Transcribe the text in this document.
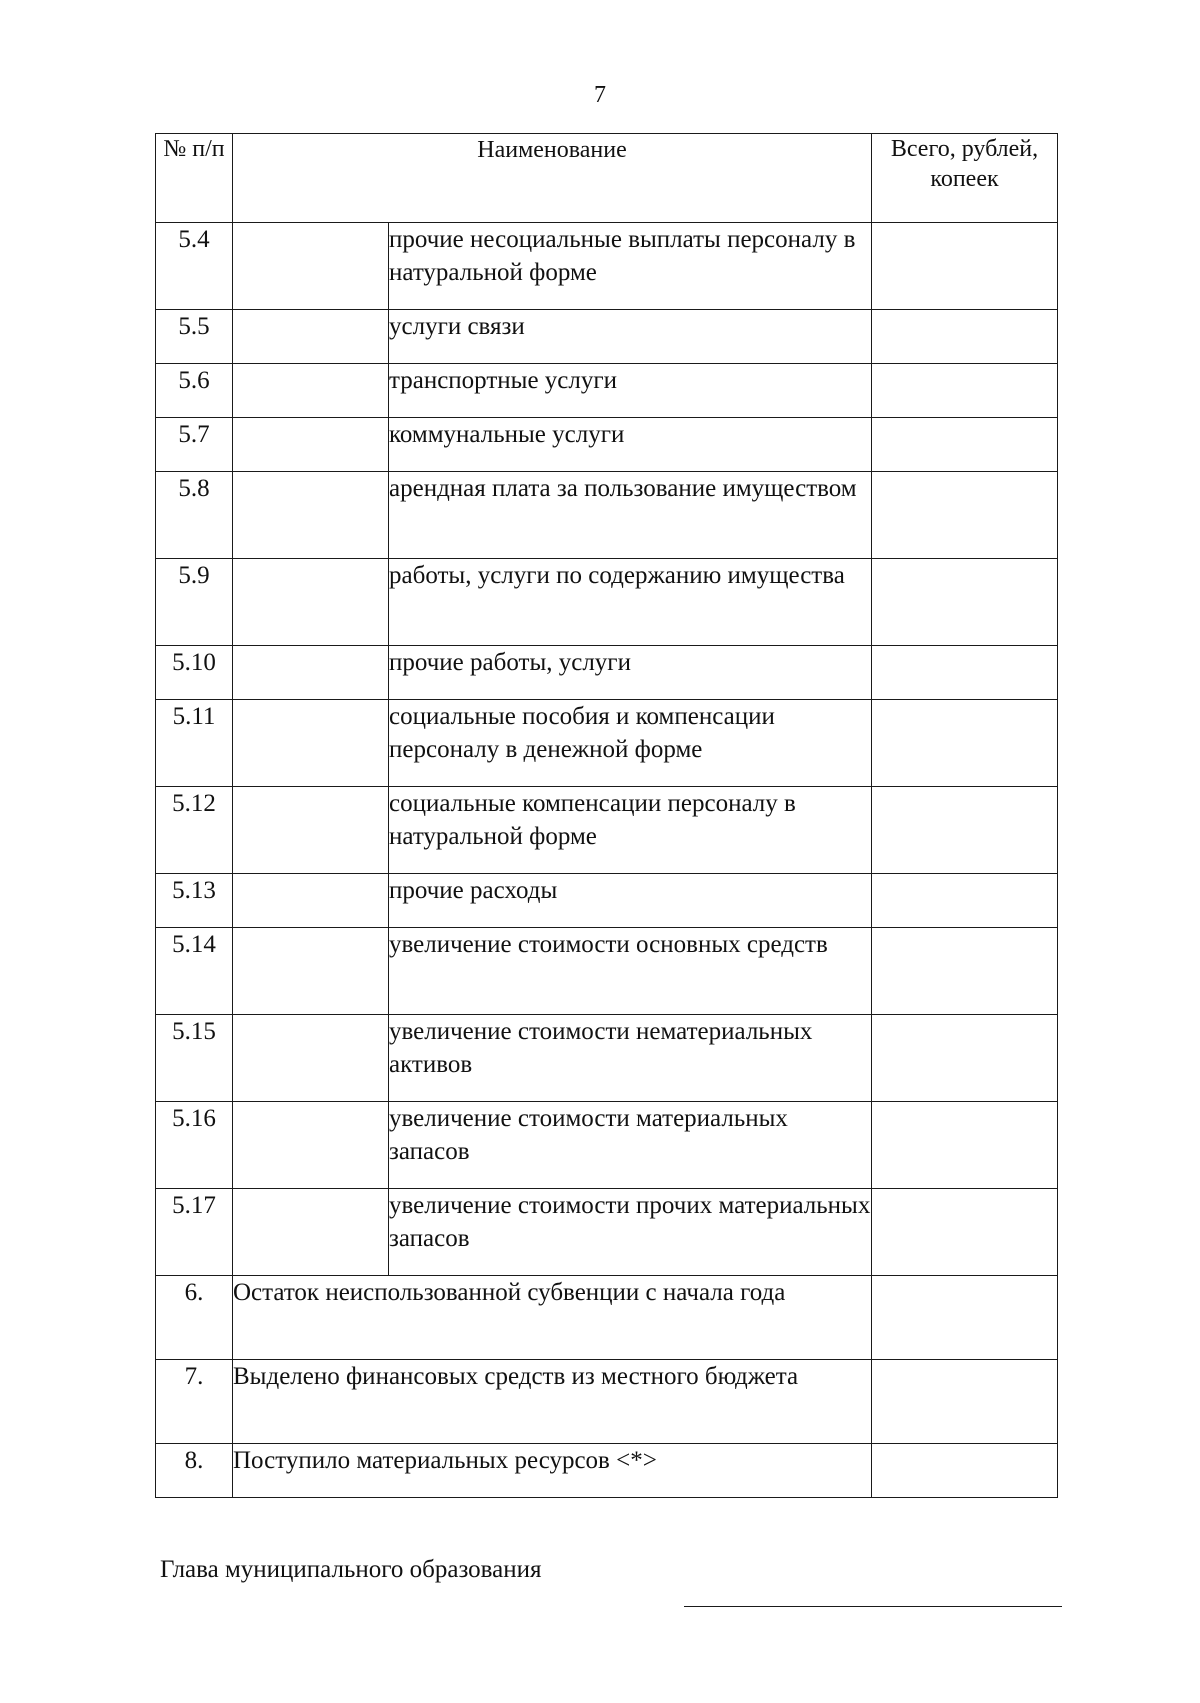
7
№ п/п	Наименование		Всего, рублей, копеек
5.4		прочие несоциальные выплаты персоналу в натуральной форме	
5.5		услуги связи	
5.6		транспортные услуги	
5.7		коммунальные услуги	
5.8		арендная плата за пользование имуществом	
5.9		работы, услуги по содержанию имущества	
5.10		прочие работы, услуги	
5.11		социальные пособия и компенсации персоналу в денежной форме	
5.12		социальные компенсации персоналу в натуральной форме	
5.13		прочие расходы	
5.14		увеличение стоимости основных средств	
5.15		увеличение стоимости нематериальных активов	
5.16		увеличение стоимости материальных запасов	
5.17		увеличение стоимости прочих материальных запасов	
6.	Остаток неиспользованной субвенции с начала года		
7.	Выделено финансовых средств из местного бюджета		
8.	Поступило материальных ресурсов <*>		
Глава муниципального образования
